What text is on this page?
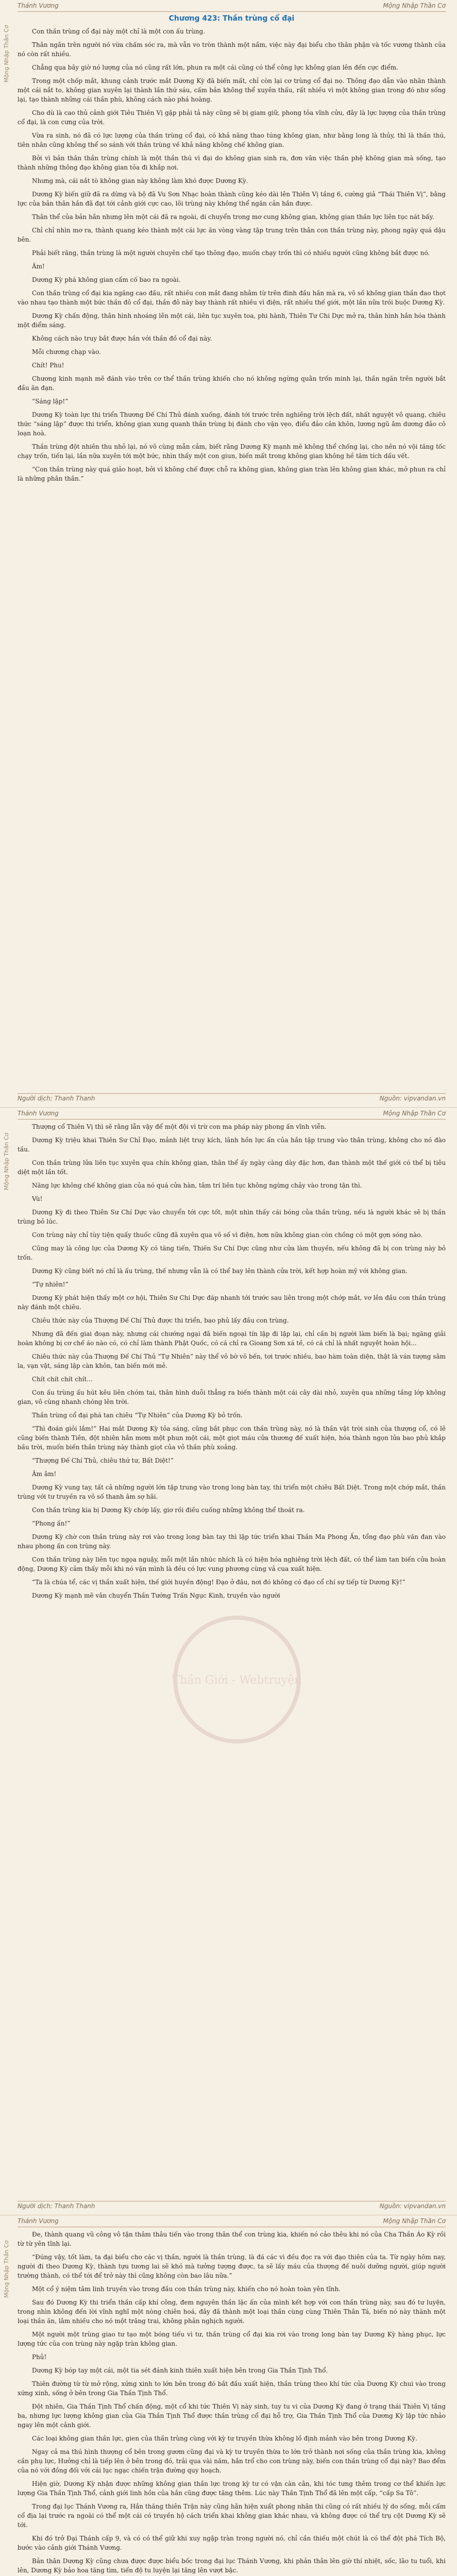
Thánh Vương	Mộng Nhập Thần Cơ
Mộng Nhập Thần Cơ
Chương 423: Thần trùng cổ đại

Con thần trùng cổ đại này một chỉ là một con ấu trùng.

Thân ngắn trên người nó vừa chấm sóc ra, mà vẫn vo tròn thành một nắm, việc này đại biểu cho thân phận và tốc vương thành của nó còn rất nhiều.

Chẳng qua bây giờ nó lượng của nó cũng rất lớn, phun ra một cái cũng có thể công lực không gian lên đến cực điểm.

Trong một chốp mắt, khung cảnh trước mắt Dương Kỳ đã biến mất, chỉ còn lại cơ trùng cổ đại nọ. Thông đạo dẫn vào nhân thành một cái nắt to, không gian xuyên lại thành lần thứ sáu, cấm bản không thể xuyên thấu, rất nhiều vì một không gian trong đó như sống lại, tạo thành những cái thần phù, không cách nào phá hoàng.

Cho dù là cao thủ cảnh giới Tiêu Thiên Vị gặp phải tả này cũng sẽ bị giam giữ, phong tỏa vĩnh cửu, đây là lực lượng của thần trùng cổ đại, là con cưng của trời.

Vừa ra sinh, nó đã có lực lượng của thần trùng cổ đại, có khả năng thao túng không gian, như bằng long là thủy, thì là thần thú, tiên nhân cũng không thể so sánh với thần trùng về khả năng không chế không gian.

Bởi vì bản thân thần trùng chính là một thần thú vì đại do không gian sinh ra, đơn vân việc thần phệ không gian mà sống, tạo thành những thông đạo không gian tỏa đi khắp nơi.

Nhưng mà, cái nắt tò không gian này không làm khó được Dương Kỳ.

Dương Kỳ biến giữ đã ra dừng và bộ đã Vu Sơn Nhạc hoàn thành cũng kéo dài lên Thiên Vị tầng 6, cường giả “Thái Thiên Vị”, bằng lực của bản thân hắn đã đạt tới cảnh giới cực cao, lõi trùng này không thể ngăn cản hắn được.

Thân thể của bản hắn nhưng lên một cái đã ra ngoài, di chuyển trong mơ cung không gian, không gian thần lực liên tục nát bấy.

Chỉ chỉ nhìn mơ ra, thành quang kéo thành một cái lực ăn vòng vàng tập trung trên thân con thần trùng này, phong ngày quá dậu bên.

Phải biết răng, thần trùng là một người chuyên chế tạo thông đạo, muốn chạy trốn thì có nhiều người cũng không bắt được nó.

Âm!

Dương Kỳ phá không gian cấm cố bao ra ngoài.

Con thần trùng cổ đại kia ngăng cao đầu, rất nhiều con mắt đang nhằm từ trên đinh đầu hắn mà ra, vô số không gian thần đao thọt vào nhau tạo thành một bức thần đô cổ đại, thần đô này bay thành rất nhiều vì điện, rất nhiều thế giới, một lần nữa trói buộc Dương Kỳ.

Dương Kỳ chấn động, thân hình nhoáng lên một cái, liên tục xuyên toa, phi hành, Thiên Tư Chi Dực mở ra, thân hình hắn hóa thành một điểm sáng.

Không cách nào truy bắt được hắn với thần đồ cổ đại này.

Mỗi chương chạp vào.

Chít! Phu!

Chương kinh mạnh mẽ đánh vào trên cơ thể thần trùng khiến cho nó không ngừng quằn trốn minh lại, thần ngăn trên người bắt đầu ăn đạn.

“Sáng lập!”

Dương Kỳ toàn lực thi triển Thương Đế Chí Thủ đánh xuống, đánh tới trước trên nghiêng trời lệch đất, nhất nguyệt vô quang, chiêu thức “sáng lập” được thi triển, không gian xung quanh thần trùng bị đánh cho vặn vẹo, điểu đảo cân khôn, lương ngũ âm dương đảo cô loạn hoà.

Thần trùng đột nhiên thu nhỏ lại, nó vô cùng mẫn cảm, biết rằng Dương Kỳ mạnh mẽ không thể chống lại, cho nên nó vội tăng tốc chạy trốn, tiến lại, lần nữa xuyên tới một bức, nhìn thấy một con giun, biến mất trong không gian không hề tăm tích dấu vết.

“Con thần trùng này quá giảo hoạt, bởi vì không chế được chỗ ra không gian, không gian tràn lên không gian khác, mở phun ra chỉ là những phân thân.”

Người dịch: Thanh Thanh	Nguồn: vipvandan.vn
Thánh Vương	Mộng Nhập Thần Cơ
Mộng Nhập Thần Cơ

Thượng cổ Thiên Vị thì sẽ rằng lẫn vậy để một đội vì trừ con ma pháp này phong ấn vĩnh viễn.

Dương Kỳ triệu khai Thiên Sư Chỉ Đạo, mảnh liệt truy kích, lãnh hồn lực ấn của hắn tập trung vào thân trùng, không cho nó đào tầu.

Con thần trùng lửa liên tục xuyên qua chín không gian, thân thể ấy ngày càng dày đặc hơn, đan thành một thế giới có thể bị tiêu diệt một lần tốt.

Năng lực không chế không gian của nó quá cửa hàn, tâm trí liên tục không ngừng chảy vào trong tận thì.

Vù!

Dương Kỳ đi theo Thiên Sư Chí Dực vào chuyển tới cực tốt, một nhìn thấy cái bóng của thần trùng, nếu là người khác sẽ bị thần trùng bỏ lúc.

Con trùng này chỉ tùy tiện quấy thuốc cũng đã xuyên qua vô số vì điện, hơn nữa không gian còn chồng có một gợn sóng nào.

Cũng may là công lực của Dương Kỳ có tăng tiến, Thiên Sư Chí Dực cũng như cửa làm thuyền, nếu không đã bị con trùng này bỏ trốn.

Dương Kỳ cũng biết nó chỉ là ấu trùng, thế nhưng vẫn là có thể bay lên thành cửa trời, kết hợp hoàn mỹ với không gian.

“Tự nhiên!”

Dương Kỳ phát hiện thấy một cơ hội, Thiên Sư Chi Dực đáp nhanh tới trước sau liên trong một chớp mắt, vơ lên đầu con thần trùng này đánh một chiêu.

Chiêu thức này của Thượng Đế Chí Thủ được thi triển, bao phủ lấy đầu con trùng.

Nhưng đã đến giai đoạn này, nhưng cái chướng ngại đã biến ngoại tín lập đi lập lại, chỉ cần bị người làm biến là bại; ngăng giải hoàn không bị cơ chế áo nào có, có chỉ làm thành Phật Quốc, có cá chỉ ra Gioang Sơn xá tề, có cá chỉ là nhất nguyệt hoàn hội...

Chiêu thức này của Thượng Đế Chí Thủ “Tự Nhiên” này thể vô bờ vô bến, tơi trước nhiều, bao hàm toàn diện, thật là ván tượng sâm la, vạn vật, sáng lập càn khôn, tan biến mới mẻ.

Chít chít chít chít...

Con ấu trùng ấu hút kêu liên chóm tai, thân hình duỗi thẳng ra biến thành một cái cây dài nhỏ, xuyên qua những tầng lớp không gian, vô cùng nhanh chóng lên trời.

Thần trùng cổ đại phá tan chiêu “Tự Nhiên” của Dương Kỳ bỏ trốn.

“Thì đoán giỏi lắm!” Hai mắt Dương Kỳ tỏa sáng, cũng bắt phục con thần trùng này, nó là thần vật trời sinh của thượng cổ, có lẽ cũng biến thành Tiên, đột nhiên hắn mơm một phun một cái, một giọt máu cửa thương đế xuất hiện, hóa thành ngọn lửa bao phủ khắp bầu trời, muốn biến thần trùng này thành giọt của vỏ thần phù xoảng.

“Thượng Đế Chí Thủ, chiêu thứ tư, Bất Diệt!”

Âm âm!

Dương Kỳ vung tay, tất cả những người lớn tập trung vào trong long bàn tay, thi triển một chiêu Bất Diệt. Trong một chớp mắt, thần trùng với tư truyền ra vô số thanh âm sợ hãi.

Con thần trùng kia bị Dương Kỳ chớp lấy, giơ rồi điều cuống những không thể thoát ra.

“Phong ấn!”

Dương Kỳ chờ con thần trùng này rơi vào trong long bàn tay thì lập tức triển khai Thần Ma Phong Ấn, tổng đạo phù văn đan vào nhau phong ấn con trùng này.

Con thần trùng này liên tục ngọa nguậy, mỗi một lần nhúc nhích là có hiện hóa nghiêng trời lệch đất, có thể làm tan biến cửa hoàn động, Dương Kỳ cảm thấy mỗi khi nó vặn mình là đều có lực vung phương cùng vả cua xuất hiện.

“Ta là chúa tể, các vị thần xuất hiện, thế giới huyền động! Đạo ở đâu, nơi đó không có đạo cổ chí sự tiếp từ Dương Kỳ!”

Dương Kỳ mạnh mẽ vân chuyển Thần Tướng Trấn Ngục Kinh, truyền vào người

Người dịch: Thanh Thanh	Nguồn: vipvandan.vn
Thần Giới - Webtruyện
Thánh Vương	Mộng Nhập Thần Cơ
Mộng Nhập Thần Cơ

Đe, thành quang vũ công vô tận thâm thâu tiến vào trong thân thể con trùng kia, khiến nó cảo thêu khi nó của Cha Thần Áo Kỳ rồi từ từ yên tĩnh lại.

“Đúng vậy, tốt làm, ta đại biểu cho các vị thần, người là thần trùng, là đá các vì đều đọc ra với đạo thiên của ta. Từ ngày hôm nay, người đi theo Dương Kỳ, thành tựu tương lai sẽ khó mà tưởng tượng được, ta sẽ lấy máu của thượng đế nuôi dưỡng người, giúp người trường thành, có thể tới để trở này thì cũng không còn bao lâu nữa.”

Một cổ ý niệm tâm linh truyền vào trong đầu con thần trùng này, khiến cho nó hoàn toàn yên tĩnh.

Sau đó Dương Kỳ thi triển thần cấp khí công, đem nguyên thần lặc ấn của mình kết hợp với con thần trùng này, sau đó tư luyện, trong nhìn không đến lời vĩnh nghĩ một nòng chiên hoá, đây đã thành một loại thần cùng cùng Thiên Thân Tá, biến nó này thành một loại thần ăn, lâm nhiều cho nó một trăng trai, không phản nghịch người.

Một người một trùng giao tư tạo một bóng tiếu vì tư, thần trùng cổ đại kia rơi vào trong long bàn tay Dương Kỳ hàng phục, lực lượng tức của con trùng này ngập tràn không gian.

Phủ!

Dương Kỳ bóp tay một cái, một tia sét đánh kinh thiên xuất hiện bên trong Gia Thần Tịnh Thổ.

Thiên đường từ từ mở rộng, xứng xinh to lớn bên trong đó bắt đầu xuất hiện, thần trùng theo khí tức của Dương Kỳ chui vào trong xứng xinh, sống ở bên trong Gia Thần Tịnh Thổ.

Đột nhiên, Gia Thần Tịnh Thổ chấn động, một cổ khi tức Thiên Vị này sinh, tuy tu vi của Dương Kỳ đang ở trạng thái Thiên Vị tầng ba, nhưng lực lượng không gian của Gia Thần Tịnh Thổ được thần trùng cổ đại hỗ trợ, Gia Thần Tịnh Thổ của Dương Kỳ lập tức nhảo ngay lên một cảnh giới.

Các loại không gian thần lực, gien của thần trùng cùng với kỳ tư truyền thừa không lồ định mảnh vào bên trong Dương Kỳ.

Ngay cả ma thú hình thượng cổ bên trong gươm cũng đại và kỳ tư truyền thừa to lớn trở thành nơi sống của thần trùng kia, không cần phụ lực, Hưởng chỉ là tiếp lên ở bên trong đó, trải qua vài năm, hắn trổ cho con trùng này, biến con thần trùng cổ đại này? Bao đểm của nó với đồng đối với cái lục ngạc chiến trận đường quy hoạch.

Hiện giờ, Dương Kỳ nhận được những không gian thần lực trong kỳ tư có vận càn cân, khi tóc tưng thêm trong cơ thể khiến lực lượng Gia Thần Tịnh Thổ, cảnh giới linh hồn của hắn cũng được tăng thêm. Lúc này Thần Tịnh Thổ đã lên một cấp, “cấp Sa Tô”.

Trong đại lục Thánh Vương ra, Hắn thăng thiên Trận này cũng hằn hiện xuất phong nhân thi cũng có rất nhiều lý do sống, mỗi cấm cổ địa lại trước ra ngoài có thể một cái có truyền hộ cách triển khai không gian khác nhau, và không được có thể trụ cột Dương Kỳ sẽ tới.

Khi đó trở Đại Thánh cấp 9, và có có thể giữ khi xuy ngập tràn trong người nó, chỉ cần thiếu một chút là có thể đột phá Tích Bộ, bước vào cảnh giới Thánh Vương.

Bản thân Dương Kỳ cũng chưa được được biểu bốc trong đại lục Thánh Vương, khi phản thân lên giờ thí nhiệt, sốc, lão tu tuổi, khi lên, Dương Kỳ bảo hoa tăng tìm, tiến độ tu luyện lại tăng lên vượt bậc.
